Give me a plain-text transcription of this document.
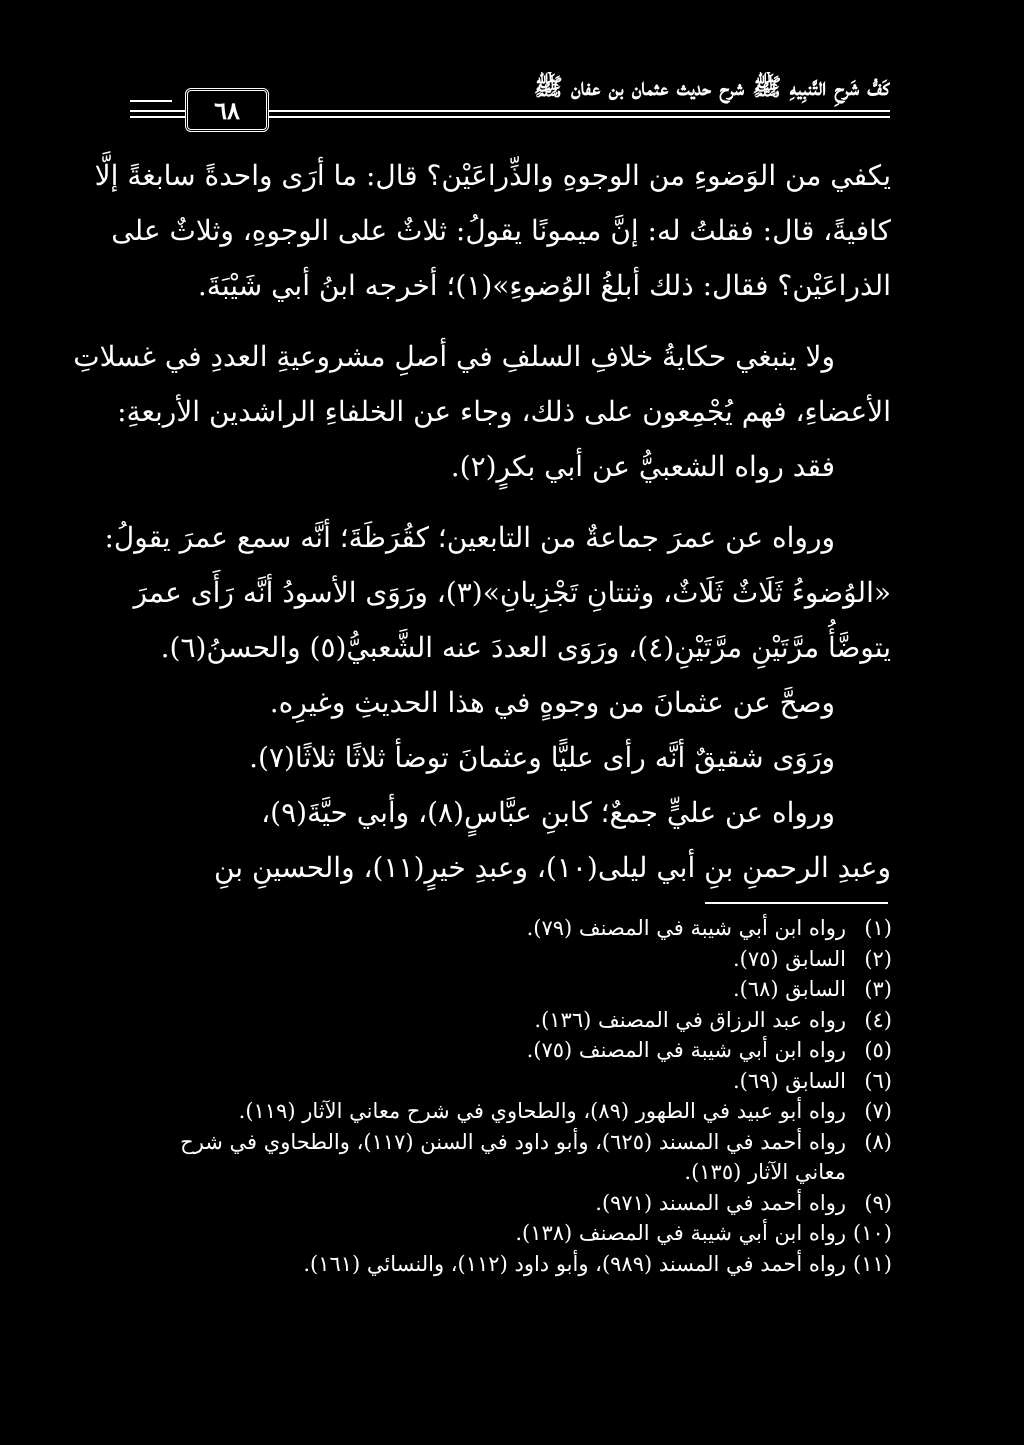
كَفُّ شَرحِ التَّنبِيهِ ﷺ شرح حديث عثمان بن عفان ﷺ
٦٨
يكفي من الوَضوءِ من الوجوهِ والذِّراعَيْن؟ قال: ما أرَى واحدةً سابغةً إلَّا
كافيةً، قال: فقلتُ له: إنَّ ميمونًا يقولُ: ثلاثٌ على الوجوهِ، وثلاثٌ على
الذراعَيْن؟ فقال: ذلك أبلغُ الوُضوءِ»(١)؛ أخرجه ابنُ أبي شَيْبَةَ.
ولا ينبغي حكايةُ خلافِ السلفِ في أصلِ مشروعيةِ العددِ في غسلاتِ
الأعضاءِ، فهم يُجْمِعون على ذلك، وجاء عن الخلفاءِ الراشدين الأربعةِ:
فقد رواه الشعبيُّ عن أبي بكرٍ(٢).
ورواه عن عمرَ جماعةٌ من التابعين؛ كقُرَظَةَ؛ أنَّه سمع عمرَ يقولُ:
«الوُضوءُ ثَلَاثٌ ثَلَاثٌ، وثنتانِ تَجْزِيانِ»(٣)، ورَوَى الأسودُ أنَّه رَأَى عمرَ
يتوضَّأُ مرَّتَيْنِ مرَّتَيْنِ(٤)، ورَوَى العددَ عنه الشَّعبيُّ(٥) والحسنُ(٦).
وصحَّ عن عثمانَ من وجوهٍ في هذا الحديثِ وغيرِه.
ورَوَى شقيقٌ أنَّه رأى عليًّا وعثمانَ توضأ ثلاثًا ثلاثًا(٧).
ورواه عن عليٍّ جمعٌ؛ كابنِ عبَّاسٍ(٨)، وأبي حيَّةَ(٩)،
وعبدِ الرحمنِ بنِ أبي ليلى(١٠)، وعبدِ خيرٍ(١١)، والحسينِ بنِ
(١)رواه ابن أبي شيبة في المصنف (٧٩).
(٢)السابق (٧٥).
(٣)السابق (٦٨).
(٤)رواه عبد الرزاق في المصنف (١٣٦).
(٥)رواه ابن أبي شيبة في المصنف (٧٥).
(٦)السابق (٦٩).
(٧)رواه أبو عبيد في الطهور (٨٩)، والطحاوي في شرح معاني الآثار (١١٩).
(٨)رواه أحمد في المسند (٦٢٥)، وأبو داود في السنن (١١٧)، والطحاوي في شرح
معاني الآثار (١٣٥).
(٩)رواه أحمد في المسند (٩٧١).
(١٠)رواه ابن أبي شيبة في المصنف (١٣٨).
(١١)رواه أحمد في المسند (٩٨٩)، وأبو داود (١١٢)، والنسائي (١٦١).
